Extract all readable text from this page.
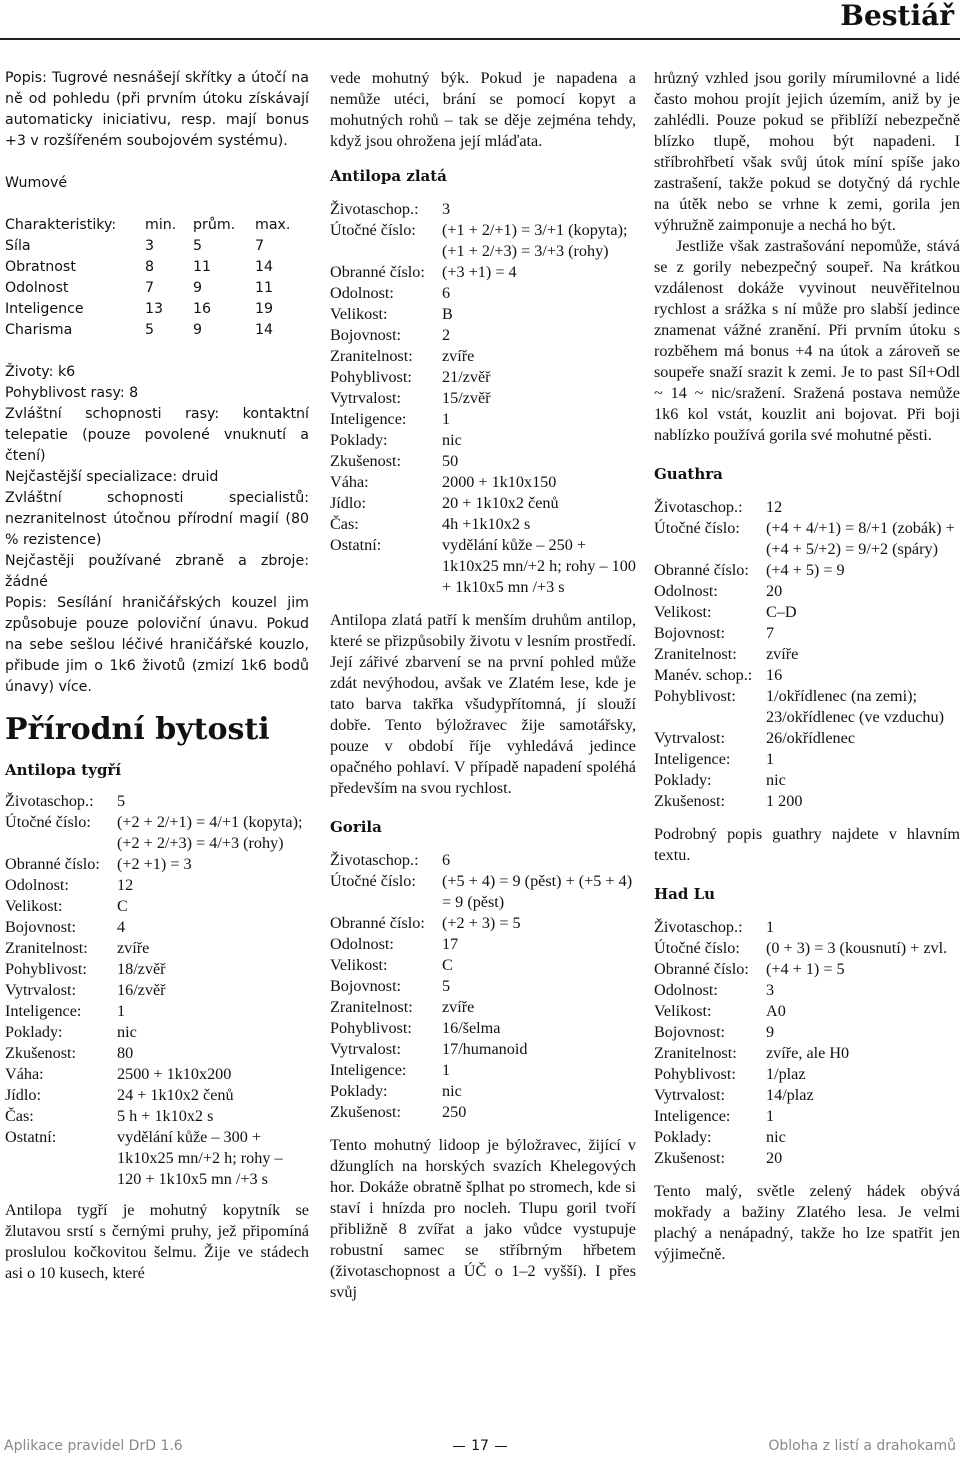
Bestiář

Popis: Tugrové nesnášejí skřítky a útočí na ně od pohledu (při prvním útoku získávají automaticky iniciativu, resp. mají bonus +3 v rozšířeném soubojovém systému).

Wumové

Charakteristiky:	min.	prům.	max.
Síla	3	5	7
Obratnost	8	11	14
Odolnost	7	9	11
Inteligence	13	16	19
Charisma	5	9	14

Životy: k6

Pohyblivost rasy: 8

Zvláštní schopnosti rasy: kontaktní telepatie (pouze povolené vnuknutí a čtení)

Nejčastější specializace: druid

Zvláštní schopnosti specialistů: nezranitelnost útočnou přírodní magií (80 % rezistence)

Nejčastěji používané zbraně a zbroje: žádné

Popis: Sesílání hraničářských kouzel jim způsobuje pouze poloviční únavu. Pokud na sebe sešlou léčivé hraničářské kouzlo, přibude jim o 1k6 životů (zmizí 1k6 bodů únavy) více.

Přírodní bytosti

Antilopa tygří

Životaschop.:	5
Útočné číslo:	(+2 + 2/+1) = 4/+1 (kopyta); (+2 + 2/+3) = 4/+3 (rohy)
Obranné číslo:	(+2 +1) = 3
Odolnost:	12
Velikost:	C
Bojovnost:	4
Zranitelnost:	zvíře
Pohyblivost:	18/zvěř
Vytrvalost:	16/zvěř
Inteligence:	1
Poklady:	nic
Zkušenost:	80
Váha:	2500 + 1k10x200
Jídlo:	24 + 1k10x2 čenů
Čas:	5 h + 1k10x2 s
Ostatní:	vydělání kůže – 300 + 1k10x25 mn/+2 h; rohy – 120 + 1k10x5 mn /+3 s

Antilopa tygří je mohutný kopytník se žlutavou srstí s černými pruhy, jež připomíná proslulou kočkovitou šelmu. Žije ve stádech asi o 10 kusech, které

vede mohutný býk. Pokud je napadena a nemůže utéci, brání se pomocí kopyt a mohutných rohů – tak se děje zejména tehdy, když jsou ohrožena její mláďata.

Antilopa zlatá

Životaschop.:	3
Útočné číslo:	(+1 + 2/+1) = 3/+1 (kopyta); (+1 + 2/+3) = 3/+3 (rohy)
Obranné číslo:	(+3 +1) = 4
Odolnost:	6
Velikost:	B
Bojovnost:	2
Zranitelnost:	zvíře
Pohyblivost:	21/zvěř
Vytrvalost:	15/zvěř
Inteligence:	1
Poklady:	nic
Zkušenost:	50
Váha:	2000 + 1k10x150
Jídlo:	20 + 1k10x2 čenů
Čas:	4h +1k10x2 s
Ostatní:	vydělání kůže – 250 + 1k10x25 mn/+2 h; rohy – 100 + 1k10x5 mn /+3 s

Antilopa zlatá patří k menším druhům antilop, které se přizpůsobily životu v lesním prostředí. Její zářivé zbarvení se na první pohled může zdát nevýhodou, avšak ve Zlatém lese, kde je tato barva takřka všudypřítomná, jí slouží dobře. Tento býložravec žije samotářsky, pouze v období říje vyhledává jedince opačného pohlaví. V případě napadení spoléhá především na svou rychlost.

Gorila

Životaschop.:	6
Útočné číslo:	(+5 + 4) = 9 (pěst) + (+5 + 4) = 9 (pěst)
Obranné číslo:	(+2 + 3) = 5
Odolnost:	17
Velikost:	C
Bojovnost:	5
Zranitelnost:	zvíře
Pohyblivost:	16/šelma
Vytrvalost:	17/humanoid
Inteligence:	1
Poklady:	nic
Zkušenost:	250

Tento mohutný lidoop je býložravec, žijící v džunglích na horských svazích Khelegových hor. Dokáže obratně šplhat po stromech, kde si staví i hnízda pro nocleh. Tlupu goril tvoří přibližně 8 zvířat a jako vůdce vystupuje robustní samec se stříbrným hřbetem (životaschopnost a ÚČ o 1–2 vyšší). I přes svůj

hrůzný vzhled jsou gorily mírumilovné a lidé často mohou projít jejich územím, aniž by je zahlédli. Pouze pokud se přiblíží nebezpečně blízko tlupě, mohou být napadeni. I stříbrohřbetí však svůj útok míní spíše jako zastrašení, takže pokud se dotyčný dá rychle na útěk nebo se vrhne k zemi, gorila jen výhružně zaimponuje a nechá ho být.

Jestliže však zastrašování nepomůže, stává se z gorily nebezpečný soupeř. Na krátkou vzdálenost dokáže vyvinout neuvěřitelnou rychlost a srážka s ní může pro slabší jedince znamenat vážné zranění. Při prvním útoku s rozběhem má bonus +4 na útok a zároveň se soupeře snaží srazit k zemi. Je to past Síl+Odl ~ 14 ~ nic/sražení. Sražená postava nemůže 1k6 kol vstát, kouzlit ani bojovat. Při boji nablízko používá gorila své mohutné pěsti.

Guathra

Životaschop.:	12
Útočné číslo:	(+4 + 4/+1) = 8/+1 (zobák) + (+4 + 5/+2) = 9/+2 (spáry)
Obranné číslo:	(+4 + 5) = 9
Odolnost:	20
Velikost:	C–D
Bojovnost:	7
Zranitelnost:	zvíře
Manév. schop.: 16
Pohyblivost:	1/okřídlenec (na zemi); 23/okřídlenec (ve vzduchu)
Vytrvalost:	26/okřídlenec
Inteligence:	1
Poklady:	nic
Zkušenost:	1 200

Podrobný popis guathry najdete v hlavním textu.

Had Lu

Životaschop.:	1
Útočné číslo:	(0 + 3) = 3 (kousnutí) + zvl.
Obranné číslo:	(+4 + 1) = 5
Odolnost:	3
Velikost:	A0
Bojovnost:	9
Zranitelnost:	zvíře, ale H0
Pohyblivost:	1/plaz
Vytrvalost:	14/plaz
Inteligence:	1
Poklady:	nic
Zkušenost:	20

Tento malý, světle zelený hádek obývá mokřady a bažiny Zlatého lesa. Je velmi plachý a nenápadný, takže ho lze spatřit jen výjimečně.

Aplikace pravidel DrD 1.6	17	Obloha z listí a drahokamů
